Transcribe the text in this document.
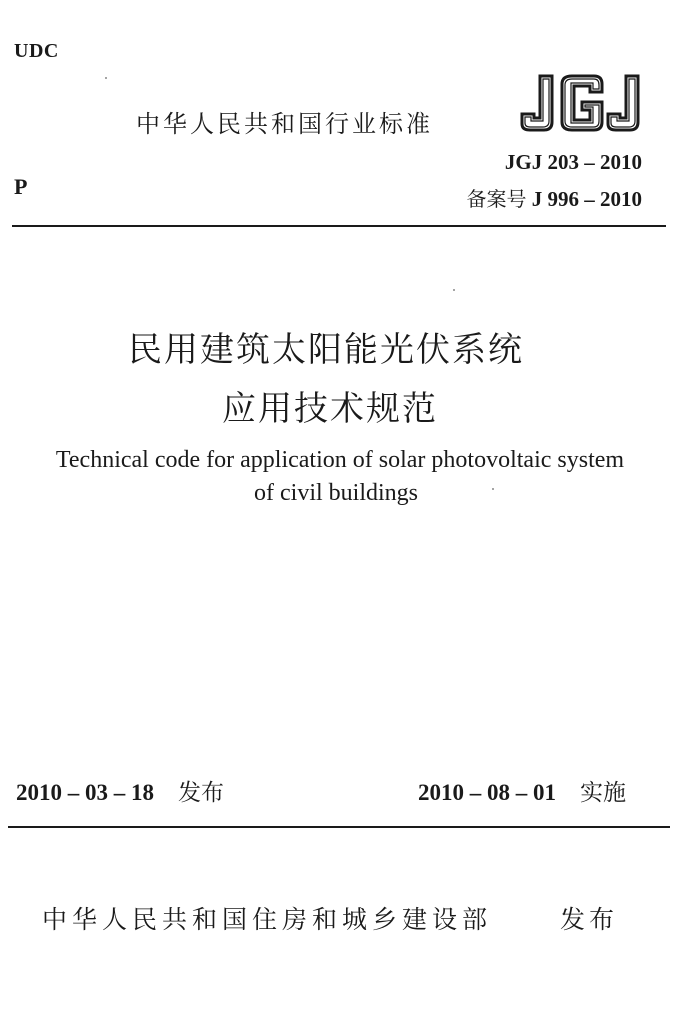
UDC
P
中华人民共和国行业标准
JGJ 203 – 2010
备案号 J 996 – 2010
民用建筑太阳能光伏系统
应用技术规范
Technical code for application of solar photovoltaic system
of civil buildings
2010 – 03 – 18 发布	2010 – 08 – 01 实施
中华人民共和国住房和城乡建设部	发布
